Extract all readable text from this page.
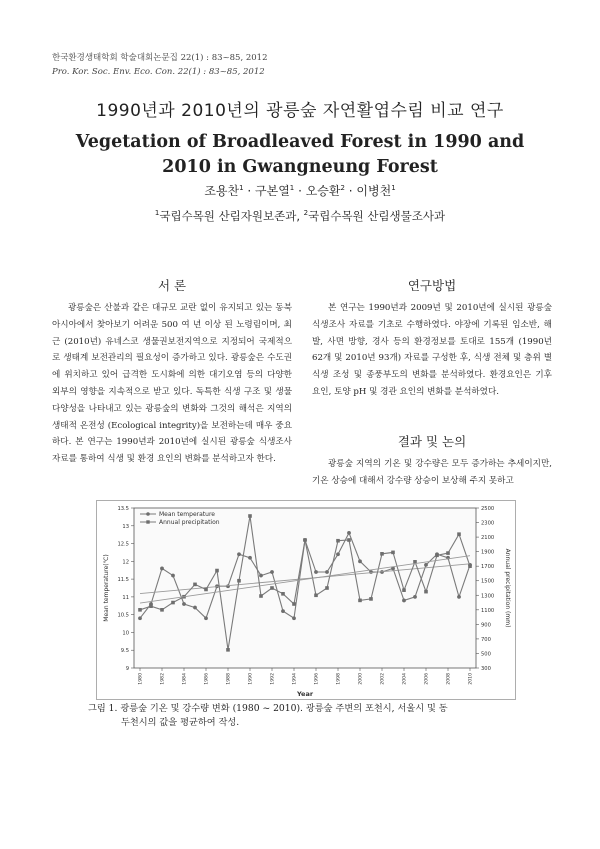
한국환경생태학회 학술대회논문집 22(1) : 83~85, 2012
Pro. Kor. Soc. Env. Eco. Con. 22(1) : 83~85, 2012
1990년과 2010년의 광릉숲 자연활엽수림 비교 연구
Vegetation of Broadleaved Forest in 1990 and 2010 in Gwangneung Forest
조용찬$^1$ · 구본열$^1$ · 오승환$^2$ · 이병천$^1$
$^1$국립수목원 산림자원보존과, $^2$국립수목원 산림생물조사과
서 론

광릉숲은 산불과 같은 대규모 교란 없이 유지되고 있는 동북아시아에서 찾아보기 어려운 500 여 년 이상 된 노령림이며, 최근 (2010년) 유네스코 생물권보전지역으로 지정되어 국제적으로 생태계 보전관리의 필요성이 증가하고 있다. 광릉숲은 수도권에 위치하고 있어 급격한 도시화에 의한 대기오염 등의 다양한 외부의 영향을 지속적으로 받고 있다. 독특한 식생 구조 및 생물다양성을 나타내고 있는 광릉숲의 변화와 그것의 해석은 지역의 생태적 온전성 (Ecological integrity)을 보전하는데 매우 중요하다. 본 연구는 1990년과 2010년에 실시된 광릉숲 식생조사 자료를 통하여 식생 및 환경 요인의 변화를 분석하고자 한다.

연구방법

본 연구는 1990년과 2009년 및 2010년에 실시된 광릉숲 식생조사 자료를 기초로 수행하였다. 야장에 기록된 임소반, 해발, 사면 방향, 경사 등의 환경정보를 토대로 155개 (1990년 62개 및 2010년 93개) 자료를 구성한 후, 식생 전체 및 층위 별 식생 조성 및 종풍부도의 변화를 분석하였다. 환경요인은 기후 요인, 토양 pH 및 경관 요인의 변화를 분석하였다.

결과 및 논의

광릉숲 지역의 기온 및 강수량은 모두 증가하는 추세이지만, 기온 상승에 대해서 강수량 상승이 보상해 주지 못하고

9
9.5
10
10.5
11
11.5
12
12.5
13
13.5
300
500
700
900
1100
1300
1500
1700
1900
2100
2300
2500
1980	1982	1984	1986	1988	1990	1992	1994	1996	1998	2000	2002	2004	2006	2008	2010
Year
Mean temperature(℃)	Annual precipitation (mm)
Mean temperature
Annual precipitation
그림 1. 광릉숲 기온 및 강수량 변화 (1980 ~ 2010). 광릉숲 주변의 포천시, 서울시 및 동
두천시의 값을 평균하여 작성.
